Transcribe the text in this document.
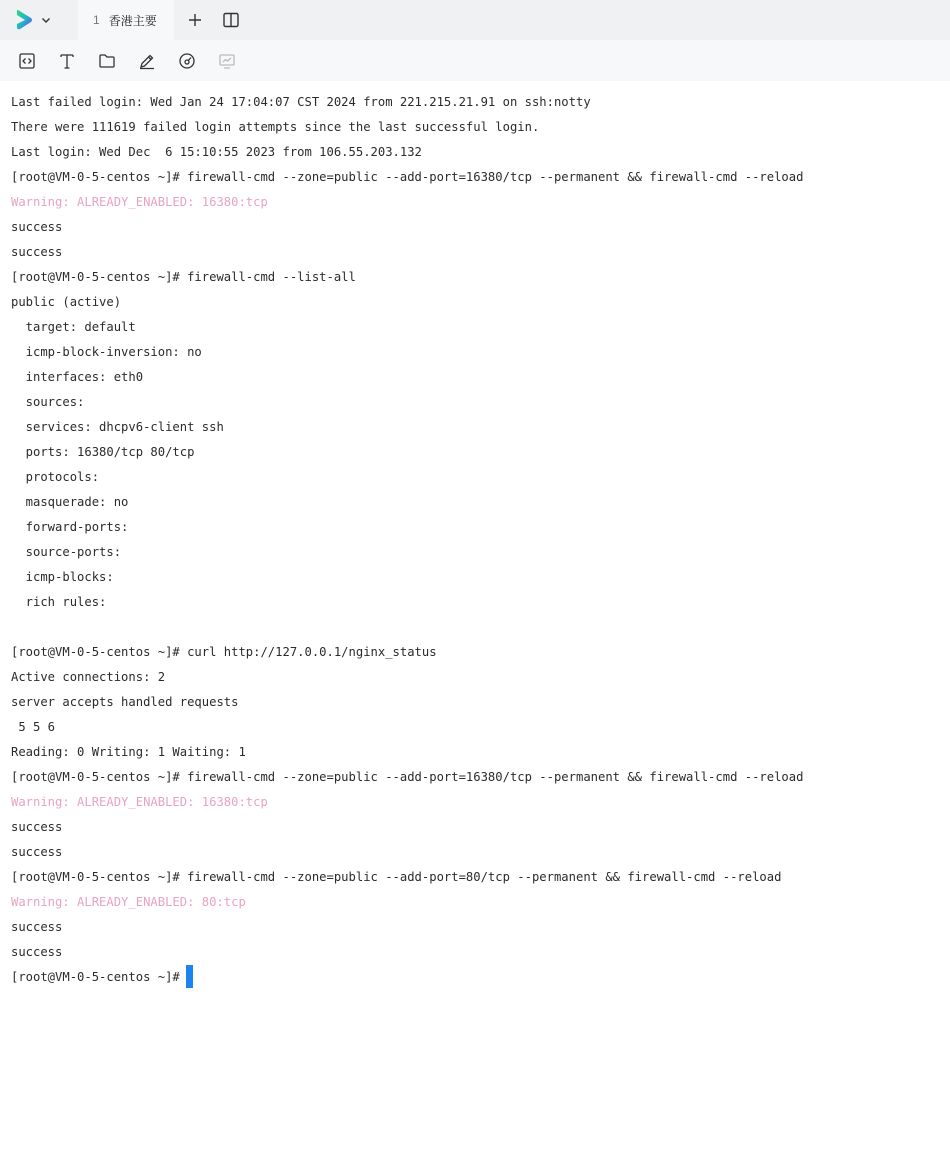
1 香港主要
Last failed login: Wed Jan 24 17:04:07 CST 2024 from 221.215.21.91 on ssh:notty
There were 111619 failed login attempts since the last successful login.
Last login: Wed Dec  6 15:10:55 2023 from 106.55.203.132
[root@VM-0-5-centos ~]# firewall-cmd --zone=public --add-port=16380/tcp --permanent && firewall-cmd --reload
Warning: ALREADY_ENABLED: 16380:tcp
success
success
[root@VM-0-5-centos ~]# firewall-cmd --list-all
public (active)
target: default
icmp-block-inversion: no
interfaces: eth0
sources:
services: dhcpv6-client ssh
ports: 16380/tcp 80/tcp
protocols:
masquerade: no
forward-ports:
source-ports:
icmp-blocks:
rich rules:
[root@VM-0-5-centos ~]# curl http://127.0.0.1/nginx_status
Active connections: 2
server accepts handled requests
5 5 6
Reading: 0 Writing: 1 Waiting: 1
[root@VM-0-5-centos ~]# firewall-cmd --zone=public --add-port=16380/tcp --permanent && firewall-cmd --reload
Warning: ALREADY_ENABLED: 16380:tcp
success
success
[root@VM-0-5-centos ~]# firewall-cmd --zone=public --add-port=80/tcp --permanent && firewall-cmd --reload
Warning: ALREADY_ENABLED: 80:tcp
success
success
[root@VM-0-5-centos ~]#
